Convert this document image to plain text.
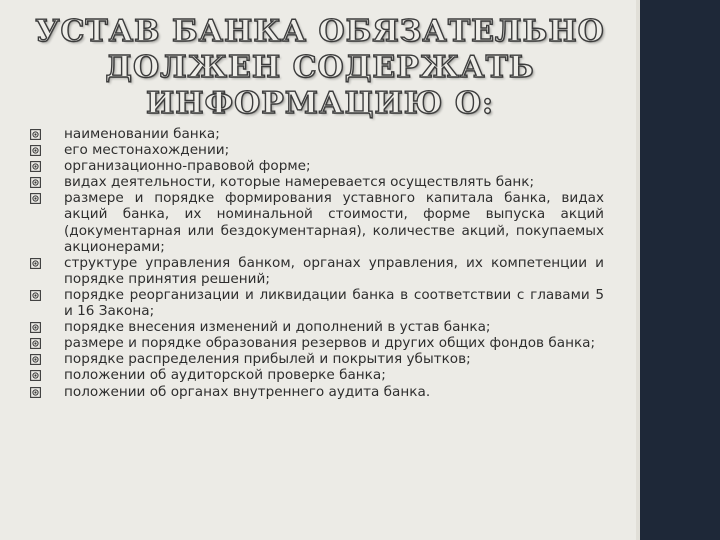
УСТАВ БАНКА ОБЯЗАТЕЛЬНО ДОЛЖЕН СОДЕРЖАТЬ ИНФОРМАЦИЮ О:
наименовании банка;
его местонахождении;
организационно-правовой форме;
видах деятельности, которые намеревается осуществлять банк;
размере и порядке формирования уставного капитала банка, видах акций банка, их номинальной стоимости, форме выпуска акций (документарная или бездокументарная), количестве акций, покупаемых акционерами;
структуре управления банком, органах управления, их компетенции и порядке принятия решений;
порядке реорганизации и ликвидации банка в соответствии с главами 5 и 16 Закона;
порядке внесения изменений и дополнений в устав банка;
размере и порядке образования резервов и других общих фондов банка;
порядке распределения прибылей и покрытия убытков;
положении об аудиторской проверке банка;
положении об органах внутреннего аудита банка.
